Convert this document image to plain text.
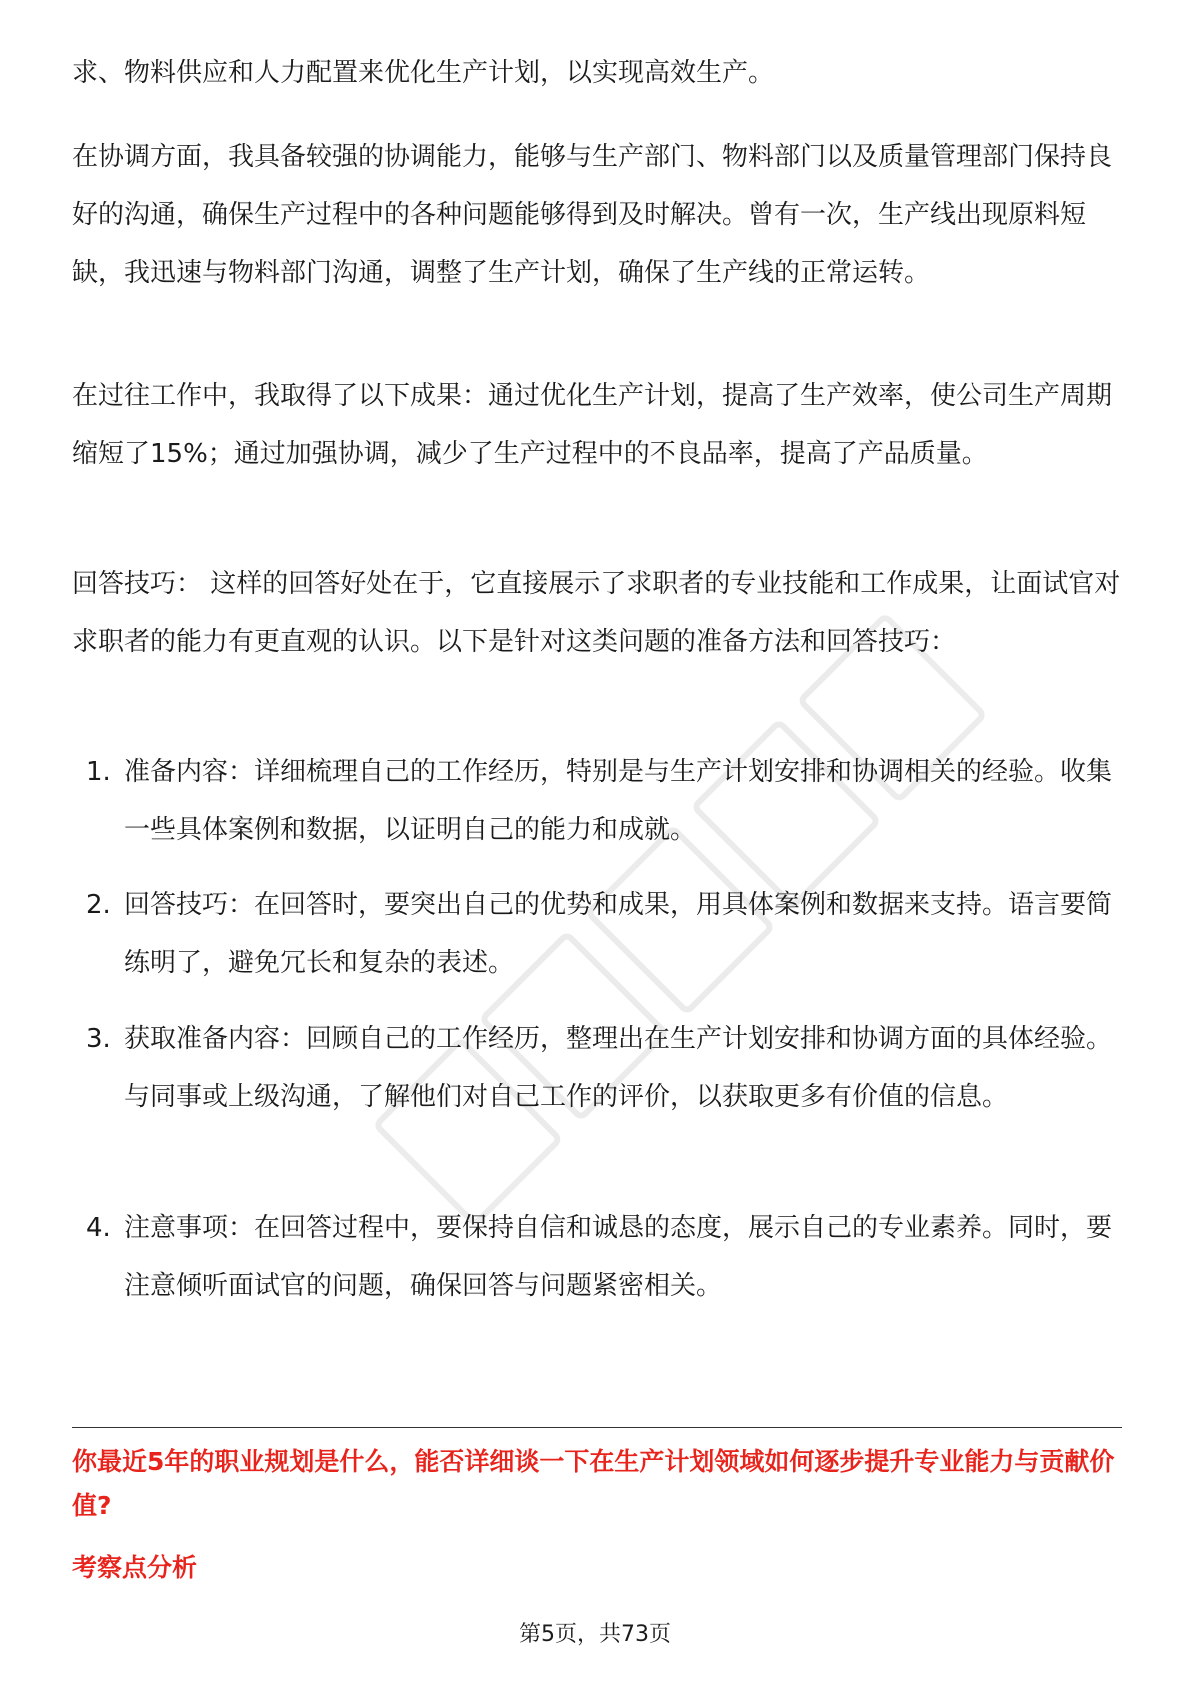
求、物料供应和人力配置来优化生产计划，以实现高效生产。

在协调方面，我具备较强的协调能力，能够与生产部门、物料部门以及质量管理部门保持良好的沟通，确保生产过程中的各种问题能够得到及时解决。曾有一次，生产线出现原料短缺，我迅速与物料部门沟通，调整了生产计划，确保了生产线的正常运转。

在过往工作中，我取得了以下成果：通过优化生产计划，提高了生产效率，使公司生产周期缩短了15%；通过加强协调，减少了生产过程中的不良品率，提高了产品质量。

回答技巧： 这样的回答好处在于，它直接展示了求职者的专业技能和工作成果，让面试官对求职者的能力有更直观的认识。以下是针对这类问题的准备方法和回答技巧：

1. 准备内容：详细梳理自己的工作经历，特别是与生产计划安排和协调相关的经验。收集一些具体案例和数据，以证明自己的能力和成就。
2. 回答技巧：在回答时，要突出自己的优势和成果，用具体案例和数据来支持。语言要简练明了，避免冗长和复杂的表述。
3. 获取准备内容：回顾自己的工作经历，整理出在生产计划安排和协调方面的具体经验。与同事或上级沟通，了解他们对自己工作的评价，以获取更多有价值的信息。
4. 注意事项：在回答过程中，要保持自信和诚恳的态度，展示自己的专业素养。同时，要注意倾听面试官的问题，确保回答与问题紧密相关。
你最近5年的职业规划是什么，能否详细谈一下在生产计划领域如何逐步提升专业能力与贡献价值?
考察点分析
第5页，共73页
